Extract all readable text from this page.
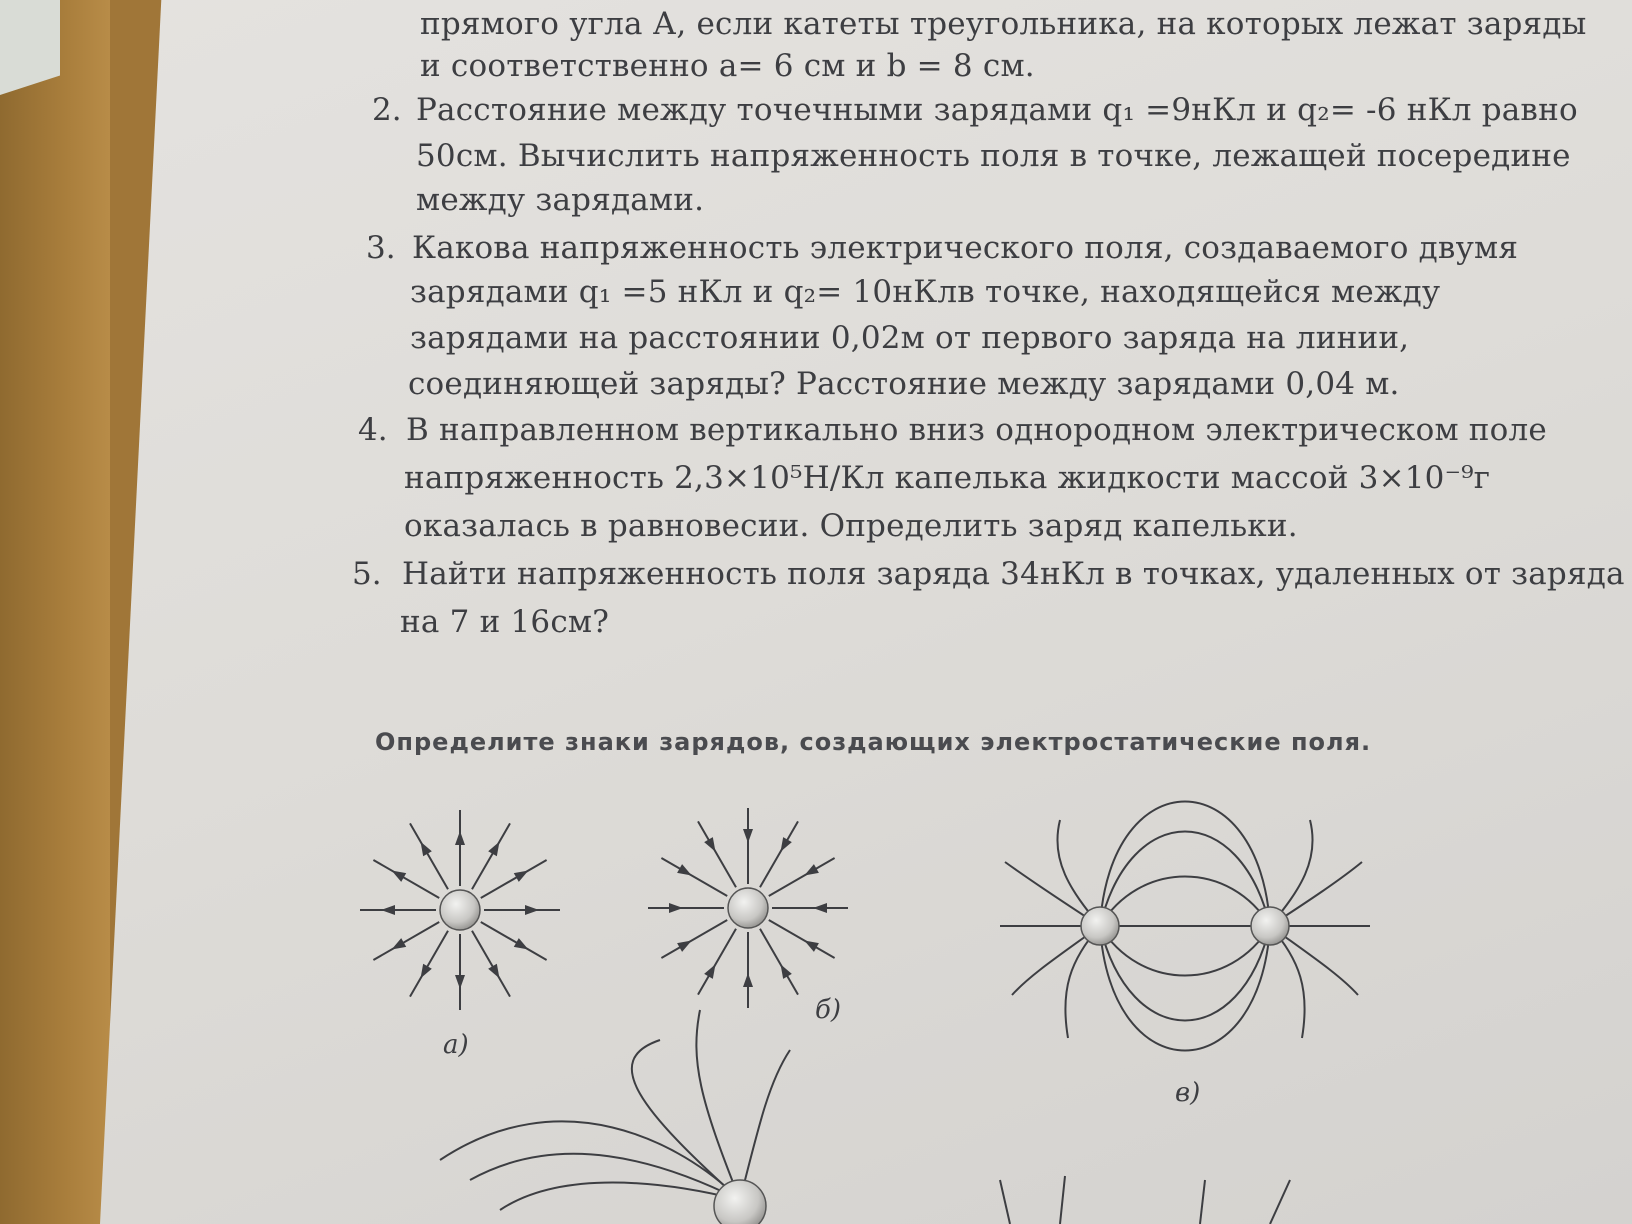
прямого угла А, если катеты треугольника, на которых лежат заряды
и соответственно a= 6 см и b = 8 см.
2. Расстояние между точечными зарядами q₁ =9нКл и q₂= -6 нКл равно
50см. Вычислить напряженность поля в точке, лежащей посередине
между зарядами.
3. Какова напряженность электрического поля, создаваемого двумя
зарядами q₁ =5 нКл и q₂= 10нКлв точке, находящейся между
зарядами на расстоянии 0,02м от первого заряда на линии,
соединяющей заряды? Расстояние между зарядами 0,04 м.
4. В направленном вертикально вниз однородном электрическом поле
напряженность 2,3×10⁵Н/Кл капелька жидкости массой 3×10⁻⁹г
оказалась в равновесии. Определить заряд капельки.
5. Найти напряженность поля заряда 34нКл в точках, удаленных от заряда
на 7 и 16см?
Определите знаки зарядов, создающих электростатические поля.
а)
б)
в)
